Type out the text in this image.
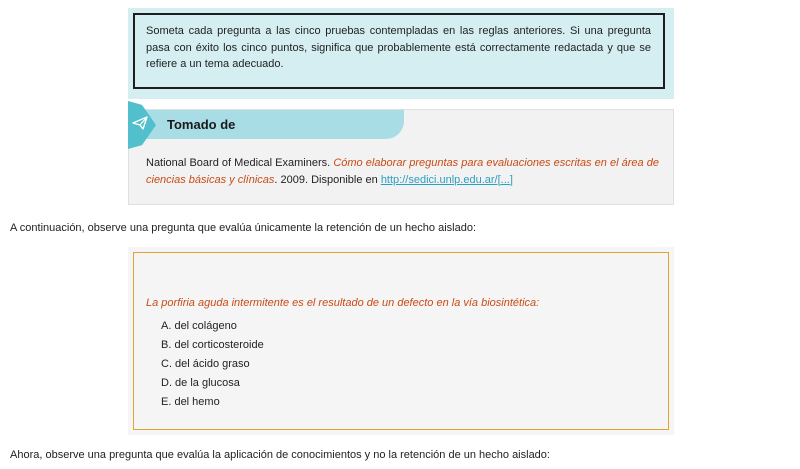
Someta cada pregunta a las cinco pruebas contempladas en las reglas anteriores. Si una pregunta pasa con éxito los cinco puntos, significa que probablemente está correctamente redactada y que se refiere a un tema adecuado.

Tomado de
National Board of Medical Examiners. Cómo elaborar preguntas para evaluaciones escritas en el área de ciencias básicas y clínicas. 2009. Disponible en http://sedici.unlp.edu.ar/[...]

A continuación, observe una pregunta que evalúa únicamente la retención de un hecho aislado:

La porfiria aguda intermitente es el resultado de un defecto en la vía biosintética:
A. del colágeno
B. del corticosteroide
C. del ácido graso
D. de la glucosa
E. del hemo

Ahora, observe una pregunta que evalúa la aplicación de conocimientos y no la retención de un hecho aislado:
